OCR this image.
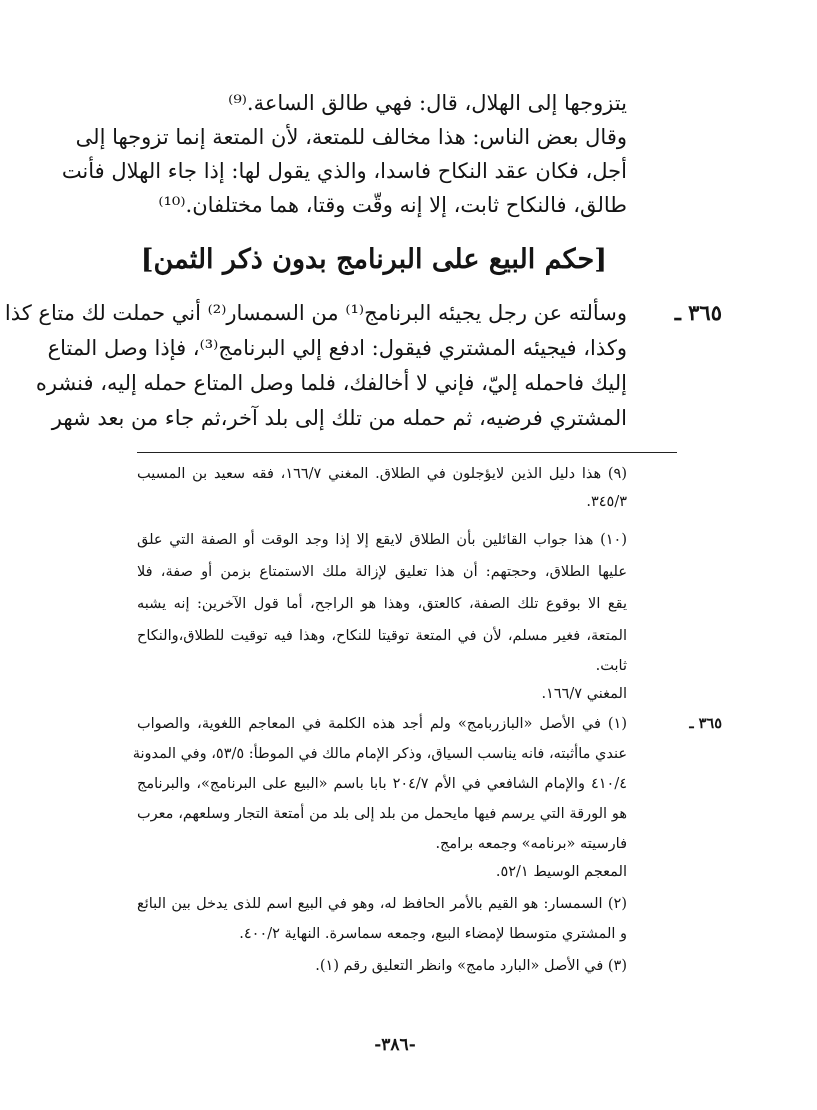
يتزوجها إلى الهلال، قال: فهي طالق الساعة.⁽⁹⁾
وقال بعض الناس: هذا مخالف للمتعة، لأن المتعة إنما تزوجها إلى
أجل، فكان عقد النكاح فاسدا، والذي يقول لها: إذا جاء الهلال فأنت
طالق، فالنكاح ثابت، إلا إنه وقّت وقتا، هما مختلفان.⁽¹⁰⁾
[حكم البيع على البرنامج بدون ذكر الثمن]
٣٦٥ ـ
وسألته عن رجل يجيئه البرنامج⁽¹⁾ من السمسار⁽²⁾ أني حملت لك متاع كذا
وكذا، فيجيئه المشتري فيقول: ادفع إلي البرنامج⁽³⁾، فإذا وصل المتاع
إليك فاحمله إليّ، فإني لا أخالفك، فلما وصل المتاع حمله إليه، فنشره
المشتري فرضيه، ثم حمله من تلك إلى بلد آخر،ثم جاء من بعد شهر
(٩) هذا دليل الذين لايؤجلون في الطلاق. المغني ١٦٦/٧، فقه سعيد بن المسيب
٣٤٥/٣.
(١٠) هذا جواب القائلين بأن الطلاق لايقع إلا إذا وجد الوقت أو الصفة التي علق
عليها الطلاق، وحجتهم: أن هذا تعليق لإزالة ملك الاستمتاع بزمن أو صفة، فلا
يقع الا بوقوع تلك الصفة، كالعتق، وهذا هو الراجح، أما قول الآخرين: إنه يشبه
المتعة، فغير مسلم، لأن في المتعة توقيتا للنكاح، وهذا فيه توقيت للطلاق،والنكاح
ثابت.
المغني ١٦٦/٧.
٣٦٥ ـ
(١) في الأصل «البازربامج» ولم أجد هذه الكلمة في المعاجم اللغوية، والصواب
عندي ماأثبته، فانه يناسب السياق، وذكر الإمام مالك في الموطأ: ٥٣/٥، وفي المدونة
٤١٠/٤ والإمام الشافعي في الأم ٢٠٤/٧ بابا باسم «البيع على البرنامج»، والبرنامج
هو الورقة التي يرسم فيها مايحمل من بلد إلى بلد من أمتعة التجار وسلعهم، معرب
فارسيته «برنامه» وجمعه برامج.
المعجم الوسيط ٥٢/١.
(٢) السمسار: هو القيم بالأمر الحافظ له، وهو في البيع اسم للذى يدخل بين البائع
و المشتري متوسطا لإمضاء البيع، وجمعه سماسرة. النهاية ٤٠٠/٢.
(٣) في الأصل «البارد مامج» وانظر التعليق رقم (١).
-٣٨٦-
